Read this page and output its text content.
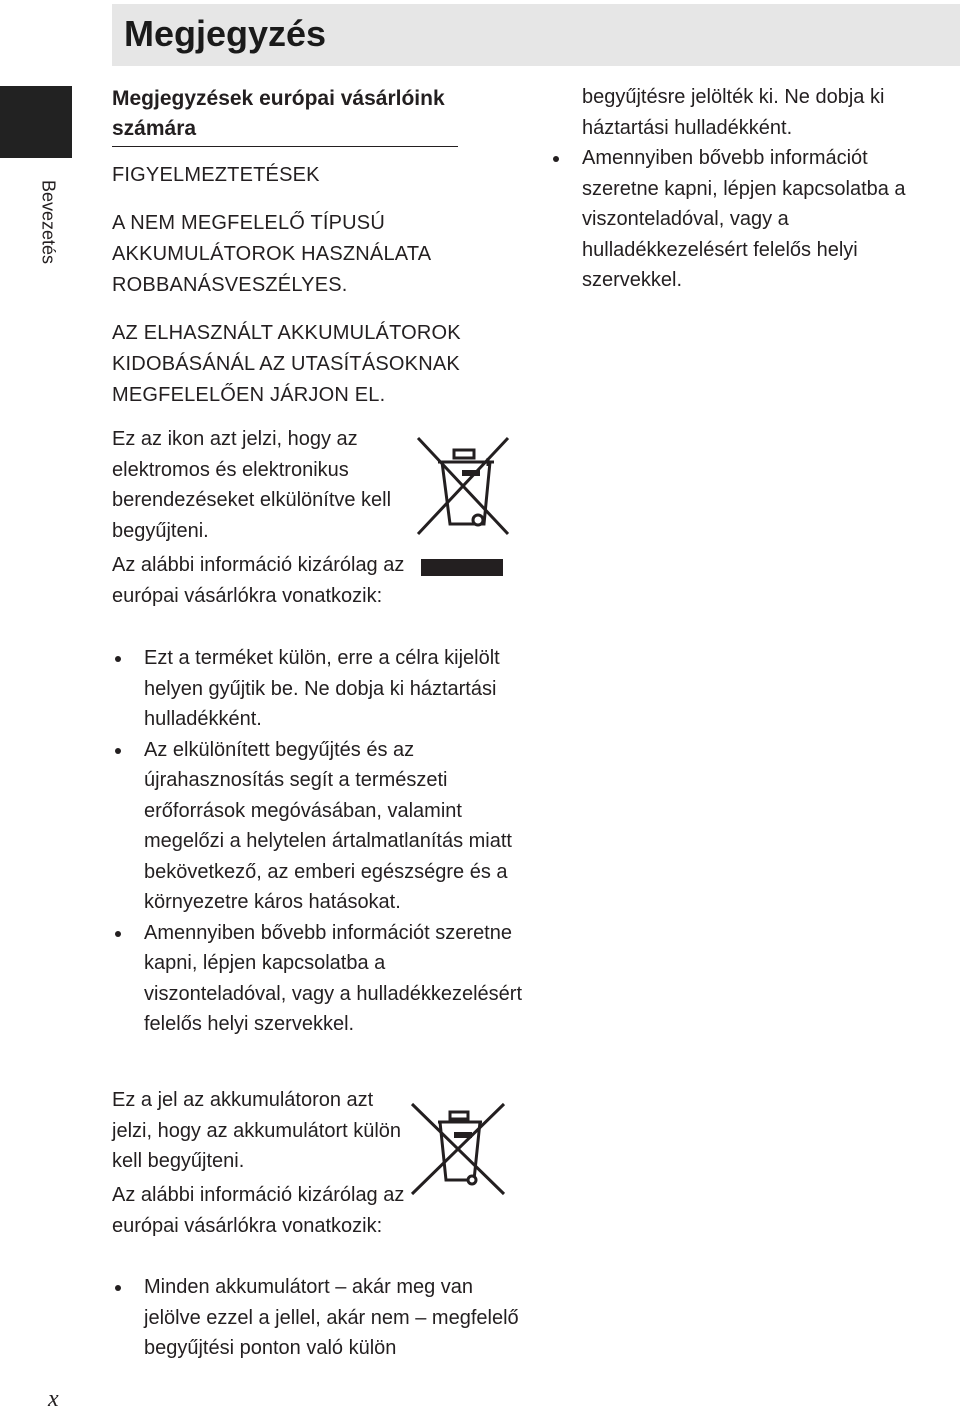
Megjegyzés
Bevezetés
Megjegyzések európai vásárlóink számára
FIGYELMEZTETÉSEK
A NEM MEGFELELŐ TÍPUSÚ AKKUMULÁTOROK HASZNÁLATA ROBBANÁSVESZÉLYES.
AZ ELHASZNÁLT AKKUMULÁTOROK KIDOBÁSÁNÁL AZ UTASÍTÁSOKNAK MEGFELELŐEN JÁRJON EL.
Ez az ikon azt jelzi, hogy az elektromos és elektronikus berendezéseket elkülönítve kell begyűjteni.
Az alábbi információ kizárólag az európai vásárlókra vonatkozik:
Ezt a terméket külön, erre a célra kijelölt helyen gyűjtik be. Ne dobja ki háztartási hulladékként.
Az elkülönített begyűjtés és az újrahasznosítás segít a természeti erőforrások megóvásában, valamint megelőzi a helytelen ártalmatlanítás miatt bekövetkező, az emberi egészségre és a környezetre káros hatásokat.
Amennyiben bővebb információt szeretne kapni, lépjen kapcsolatba a viszonteladóval, vagy a hulladékkezelésért felelős helyi szervekkel.
Ez a jel az akkumulátoron azt jelzi, hogy az akkumulátort külön kell begyűjteni.
Az alábbi információ kizárólag az európai vásárlókra vonatkozik:
Minden akkumulátort – akár meg van jelölve ezzel a jellel, akár nem – megfelelő begyűjtési ponton való külön
begyűjtésre jelölték ki. Ne dobja ki háztartási hulladékként.
Amennyiben bővebb információt szeretne kapni, lépjen kapcsolatba a viszonteladóval, vagy a hulladékkezelésért felelős helyi szervekkel.
x
